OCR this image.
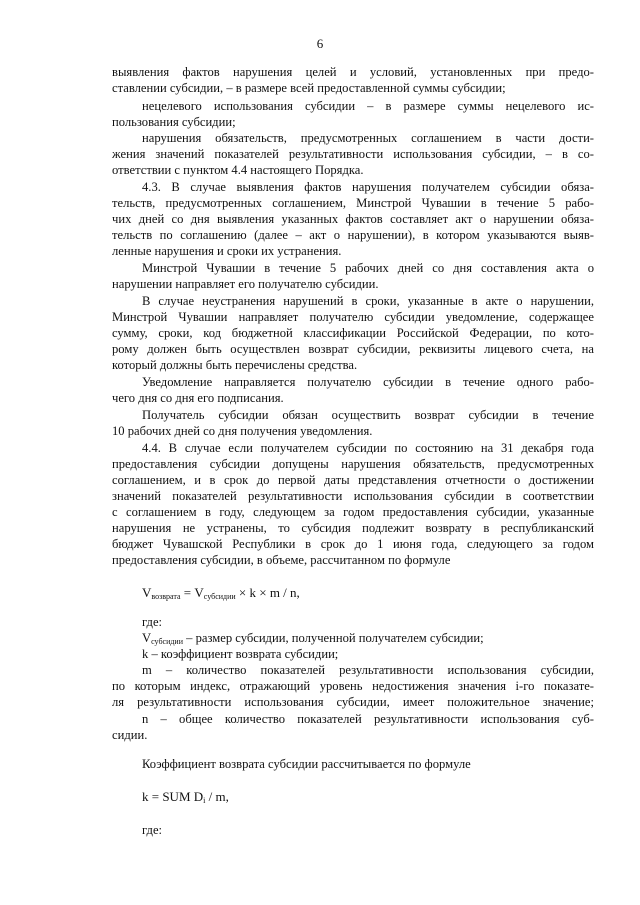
6
выявления фактов нарушения целей и условий, установленных при предо-
ставлении субсидии, – в размере всей предоставленной суммы субсидии;
нецелевого использования субсидии – в размере суммы нецелевого ис-
пользования субсидии;
нарушения обязательств, предусмотренных соглашением в части дости-
жения значений показателей результативности использования субсидии, – в со-
ответствии с пунктом 4.4 настоящего Порядка.
4.3. В случае выявления фактов нарушения получателем субсидии обяза-
тельств, предусмотренных соглашением, Минстрой Чувашии в течение 5 рабо-
чих дней со дня выявления указанных фактов составляет акт о нарушении обяза-
тельств по соглашению (далее – акт о нарушении), в котором указываются выяв-
ленные нарушения и сроки их устранения.
Минстрой Чувашии в течение 5 рабочих дней со дня составления акта о
нарушении направляет его получателю субсидии.
В случае неустранения нарушений в сроки, указанные в акте о нарушении,
Минстрой Чувашии направляет получателю субсидии уведомление, содержащее
сумму, сроки, код бюджетной классификации Российской Федерации, по кото-
рому должен быть осуществлен возврат субсидии, реквизиты лицевого счета, на
который должны быть перечислены средства.
Уведомление направляется получателю субсидии в течение одного рабо-
чего дня со дня его подписания.
Получатель субсидии обязан осуществить возврат субсидии в течение
10 рабочих дней со дня получения уведомления.
4.4. В случае если получателем субсидии по состоянию на 31 декабря года
предоставления субсидии допущены нарушения обязательств, предусмотренных
соглашением, и в срок до первой даты представления отчетности о достижении
значений показателей результативности использования субсидии в соответствии
с соглашением в году, следующем за годом предоставления субсидии, указанные
нарушения не устранены, то субсидия подлежит возврату в республиканский
бюджет Чувашской Республики в срок до 1 июня года, следующего за годом
предоставления субсидии, в объеме, рассчитанном по формуле
$V_{возврата} = V_{субсидии} \times k \times m / n$,
где:
$V_{субсидии}$ – размер субсидии, полученной получателем субсидии;
k – коэффициент возврата субсидии;
m – количество показателей результативности использования субсидии,
по которым индекс, отражающий уровень недостижения значения i-го показате-
ля результативности использования субсидии, имеет положительное значение;
n – общее количество показателей результативности использования суб-
сидии.
Коэффициент возврата субсидии рассчитывается по формуле
k = SUM $D_i$ / m,
где:
